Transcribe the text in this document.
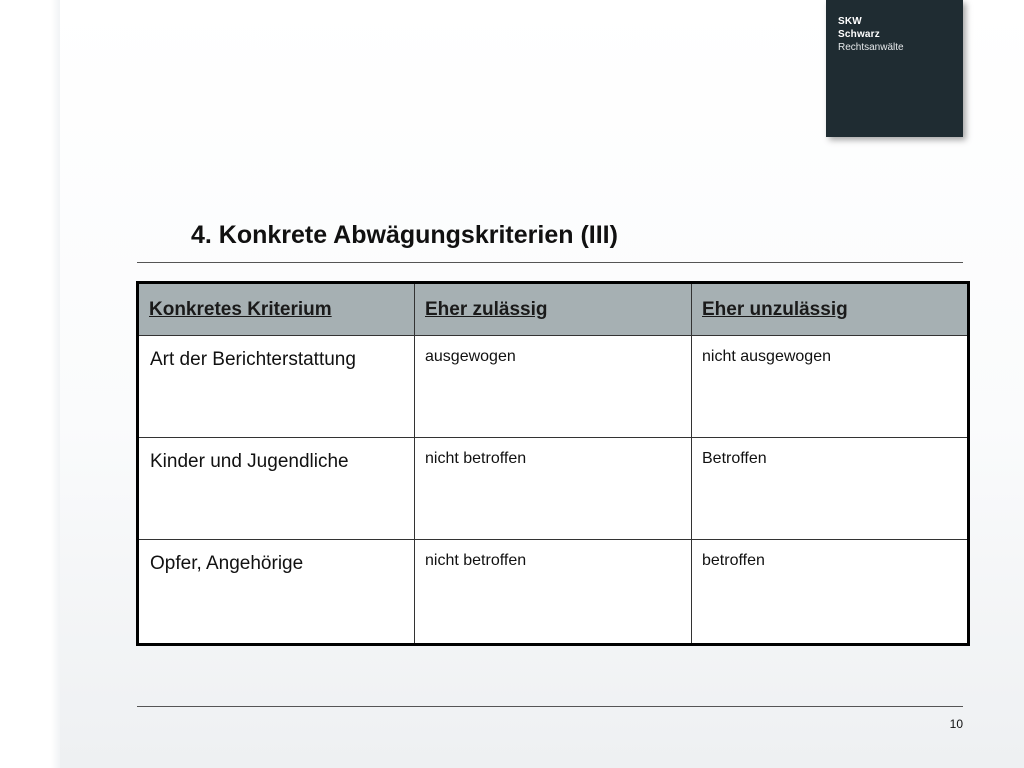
SKW
Schwarz
Rechtsanwälte
4. Konkrete Abwägungskriterien (III)
Konkretes Kriterium	Eher zulässig	Eher unzulässig
Art der Berichterstattung	ausgewogen	nicht ausgewogen
Kinder und Jugendliche	nicht betroffen	Betroffen
Opfer, Angehörige	nicht betroffen	betroffen
10
